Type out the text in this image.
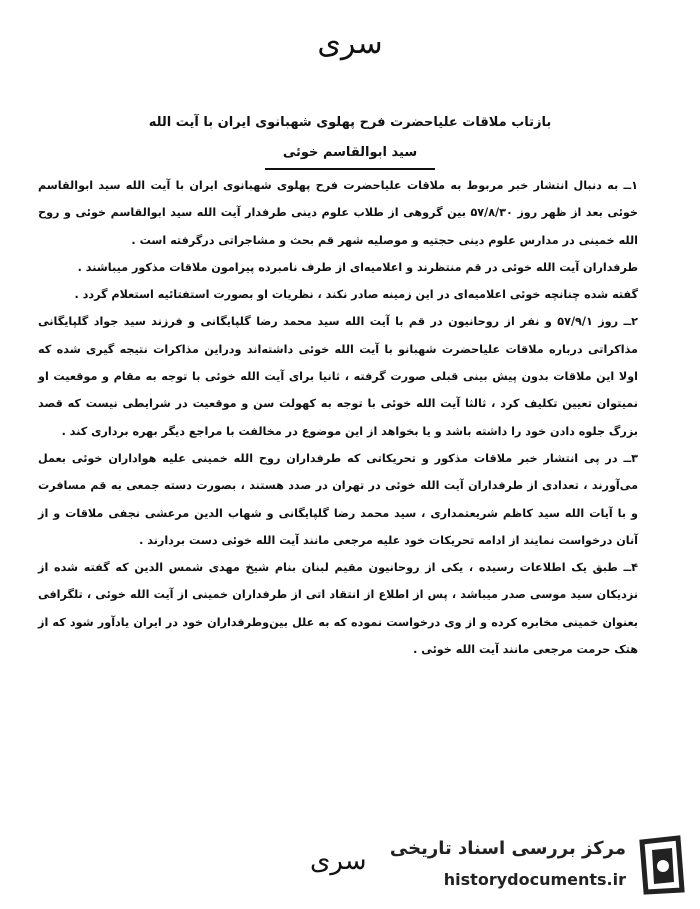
سری
بازتاب ملاقات علیاحضرت فرح پهلوی شهبانوی ایران با آیت الله
سید ابوالقاسم خوئی

۱ــ به دنبال انتشار خبر مربوط به ملاقات علیاحضرت فرح پهلوی شهبانوی ایران با آیت الله سید ابوالقاسم خوئی بعد از ظهر روز ۵۷/۸/۳۰ بین گروهی از طلاب علوم دینی طرفدار آیت الله سید ابوالقاسم خوئی و روح الله خمینی در مدارس علوم دینی حجتیه و موصلیه شهر قم بحث و مشاجراتی درگرفته است .

طرفداران آیت الله خوئی در قم منتظرند و اعلامیه‌ای از طرف نامبرده پیرامون ملاقات مذکور میباشند .

گفته شده چنانچه خوئی اعلامیه‌ای در این زمینه صادر نکند ، نظریات او بصورت استفتائیه استعلام گردد .

۲ــ روز ۵۷/۹/۱ و نفر از روحانیون در قم با آیت الله سید محمد رضا گلپایگانی و فرزند سید جواد گلپایگانی مذاکراتی درباره ملاقات علیاحضرت شهبانو با آیت الله خوئی داشته‌اند ودراین مذاکرات نتیجه گیری شده که اولا این ملاقات بدون پیش بینی قبلی صورت گرفته ، ثانیا برای آیت الله خوئی با توجه به مقام و موقعیت او نمیتوان تعیین تکلیف کرد ، ثالثا آیت الله خوئی با توجه به کهولت سن و موقعیت در شرایطی نیست که قصد بزرگ جلوه دادن خود را داشته باشد و یا بخواهد از این موضوع در مخالفت با مراجع دیگر بهره برداری کند .

۳ــ در پی انتشار خبر ملاقات مذکور و تحریکاتی که طرفداران روح الله خمینی علیه هواداران خوئی بعمل می‌آورند ، تعدادی از طرفداران آیت الله خوئی در تهران در صدد هستند ، بصورت دسته جمعی به قم مسافرت و با آیات الله سید کاظم شریعتمداری ، سید محمد رضا گلپایگانی و شهاب الدین مرعشی نجفی ملاقات و از آنان درخواست نمایند از ادامه تحریکات خود علیه مرجعی مانند آیت الله خوئی دست بردارند .

۴ــ طبق یک اطلاعات رسیده ، یکی از روحانیون مقیم لبنان بنام شیخ مهدی شمس الدین که گفته شده از نزدیکان سید موسی صدر میباشد ، پس از اطلاع از انتقاد اتی از طرفداران خمینی از آیت الله خوئی ، تلگرافی بعنوان خمینی مخابره کرده و از وی درخواست نموده که به علل بین‌وطرفداران خود در ایران یادآور شود که از هتک حرمت مرجعی مانند آیت الله خوئی .

سری مرکز بررسی اسناد تاریخی
historydocuments.ir
